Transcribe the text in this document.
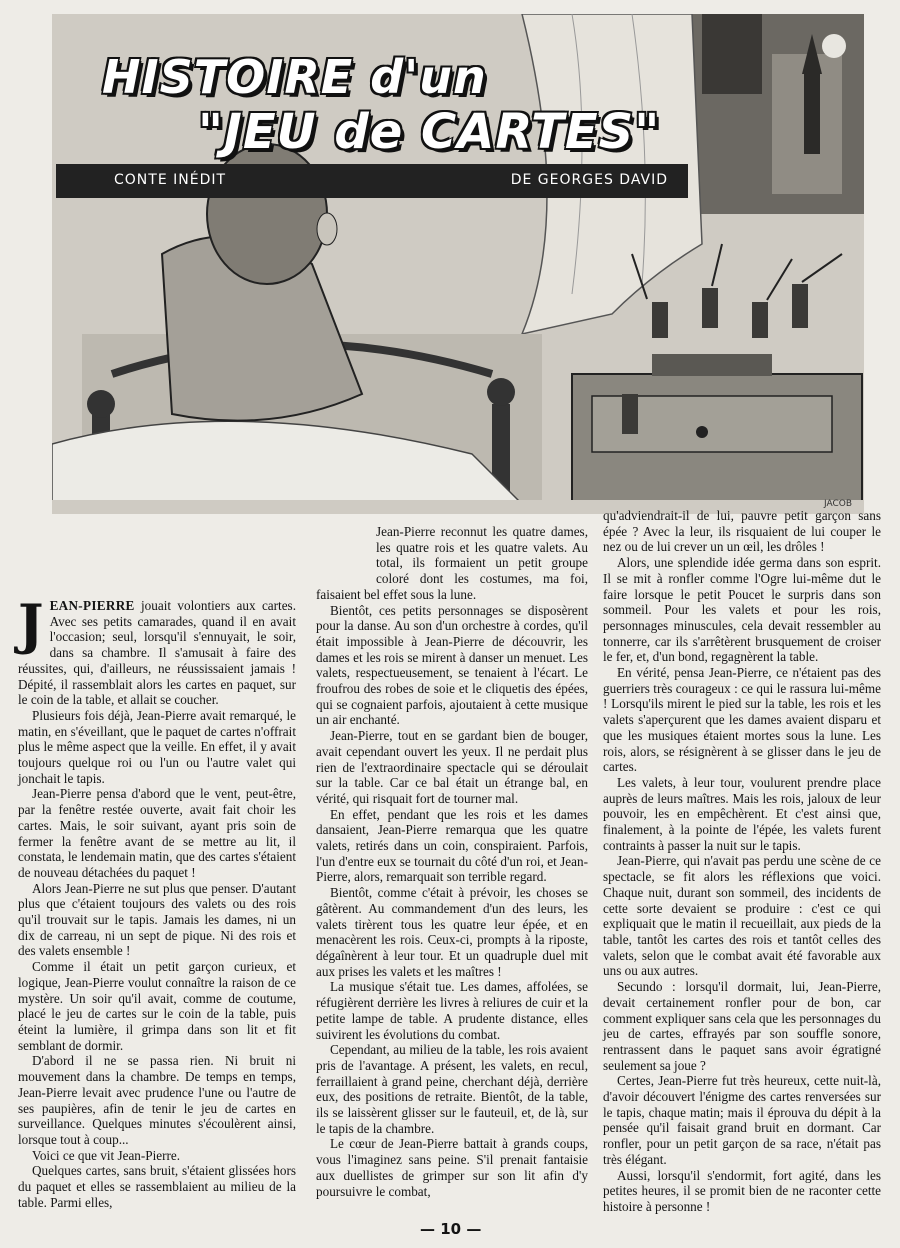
JACOB
HISTOIRE d'un
"JEU de CARTES"
CONTE INÉDIT	DE GEORGES DAVID

JEAN-PIERRE jouait volontiers aux cartes. Avec ses petits camarades, quand il en avait l'occasion; seul, lorsqu'il s'ennuyait, le soir, dans sa chambre. Il s'amusait à faire des réussites, qui, d'ailleurs, ne réussissaient jamais ! Dépité, il rassemblait alors les cartes en paquet, sur le coin de la table, et allait se coucher.

Plusieurs fois déjà, Jean-Pierre avait remarqué, le matin, en s'éveillant, que le paquet de cartes n'offrait plus le même aspect que la veille. En effet, il y avait toujours quelque roi ou l'un ou l'autre valet qui jonchait le tapis.

Jean-Pierre pensa d'abord que le vent, peut-être, par la fenêtre restée ouverte, avait fait choir les cartes. Mais, le soir suivant, ayant pris soin de fermer la fenêtre avant de se mettre au lit, il constata, le lendemain matin, que des cartes s'étaient de nouveau détachées du paquet !

Alors Jean-Pierre ne sut plus que penser. D'autant plus que c'étaient toujours des valets ou des rois qu'il trouvait sur le tapis. Jamais les dames, ni un dix de carreau, ni un sept de pique. Ni des rois et des valets ensemble !

Comme il était un petit garçon curieux, et logique, Jean-Pierre voulut connaître la raison de ce mystère. Un soir qu'il avait, comme de coutume, placé le jeu de cartes sur le coin de la table, puis éteint la lumière, il grimpa dans son lit et fit semblant de dormir.

D'abord il ne se passa rien. Ni bruit ni mouvement dans la chambre. De temps en temps, Jean-Pierre levait avec prudence l'une ou l'autre de ses paupières, afin de tenir le jeu de cartes en surveillance. Quelques minutes s'écoulèrent ainsi, lorsque tout à coup...

Voici ce que vit Jean-Pierre.

Quelques cartes, sans bruit, s'étaient glissées hors du paquet et elles se rassemblaient au milieu de la table. Parmi elles,

Jean-Pierre reconnut les quatre dames, les quatre rois et les quatre valets. Au total, ils formaient un petit groupe coloré dont les costumes, ma foi, faisaient bel effet sous la lune.

Bientôt, ces petits personnages se disposèrent pour la danse. Au son d'un orchestre à cordes, qu'il était impossible à Jean-Pierre de découvrir, les dames et les rois se mirent à danser un menuet. Les valets, respectueusement, se tenaient à l'écart. Le froufrou des robes de soie et le cliquetis des épées, qui se cognaient parfois, ajoutaient à cette musique un air enchanté.

Jean-Pierre, tout en se gardant bien de bouger, avait cependant ouvert les yeux. Il ne perdait plus rien de l'extraordinaire spectacle qui se déroulait sur la table. Car ce bal était un étrange bal, en vérité, qui risquait fort de tourner mal.

En effet, pendant que les rois et les dames dansaient, Jean-Pierre remarqua que les quatre valets, retirés dans un coin, conspiraient. Parfois, l'un d'entre eux se tournait du côté d'un roi, et Jean-Pierre, alors, remarquait son terrible regard.

Bientôt, comme c'était à prévoir, les choses se gâtèrent. Au commandement d'un des leurs, les valets tirèrent tous les quatre leur épée, et en menacèrent les rois. Ceux-ci, prompts à la riposte, dégaînèrent à leur tour. Et un quadruple duel mit aux prises les valets et les maîtres !

La musique s'était tue. Les dames, affolées, se réfugièrent derrière les livres à reliures de cuir et la petite lampe de table. A prudente distance, elles suivirent les évolutions du combat.

Cependant, au milieu de la table, les rois avaient pris de l'avantage. A présent, les valets, en recul, ferraillaient à grand peine, cherchant déjà, derrière eux, des positions de retraite. Bientôt, de la table, ils se laissèrent glisser sur le fauteuil, et, de là, sur le tapis de la chambre.

Le cœur de Jean-Pierre battait à grands coups, vous l'imaginez sans peine. S'il prenait fantaisie aux duellistes de grimper sur son lit afin d'y poursuivre le combat,

qu'adviendrait-il de lui, pauvre petit garçon sans épée ? Avec la leur, ils risquaient de lui couper le nez ou de lui crever un un œil, les drôles !

Alors, une splendide idée germa dans son esprit. Il se mit à ronfler comme l'Ogre lui-même dut le faire lorsque le petit Poucet le surpris dans son sommeil. Pour les valets et pour les rois, personnages minuscules, cela devait ressembler au tonnerre, car ils s'arrêtèrent brusquement de croiser le fer, et, d'un bond, regagnèrent la table.

En vérité, pensa Jean-Pierre, ce n'étaient pas des guerriers très courageux : ce qui le rassura lui-même ! Lorsqu'ils mirent le pied sur la table, les rois et les valets s'aperçurent que les dames avaient disparu et que les musiques étaient mortes sous la lune. Les rois, alors, se résignèrent à se glisser dans le jeu de cartes.

Les valets, à leur tour, voulurent prendre place auprès de leurs maîtres. Mais les rois, jaloux de leur pouvoir, les en empêchèrent. Et c'est ainsi que, finalement, à la pointe de l'épée, les valets furent contraints à passer la nuit sur le tapis.

Jean-Pierre, qui n'avait pas perdu une scène de ce spectacle, se fit alors les réflexions que voici. Chaque nuit, durant son sommeil, des incidents de cette sorte devaient se produire : c'est ce qui expliquait que le matin il recueillait, aux pieds de la table, tantôt les cartes des rois et tantôt celles des valets, selon que le combat avait été favorable aux uns ou aux autres.

Secundo : lorsqu'il dormait, lui, Jean-Pierre, devait certainement ronfler pour de bon, car comment expliquer sans cela que les personnages du jeu de cartes, effrayés par son souffle sonore, rentrassent dans le paquet sans avoir égratigné seulement sa joue ?

Certes, Jean-Pierre fut très heureux, cette nuit-là, d'avoir découvert l'énigme des cartes renversées sur le tapis, chaque matin; mais il éprouva du dépit à la pensée qu'il faisait grand bruit en dormant. Car ronfler, pour un petit garçon de sa race, n'était pas très élégant.

Aussi, lorsqu'il s'endormit, fort agité, dans les petites heures, il se promit bien de ne raconter cette histoire à personne !

— 10 —
